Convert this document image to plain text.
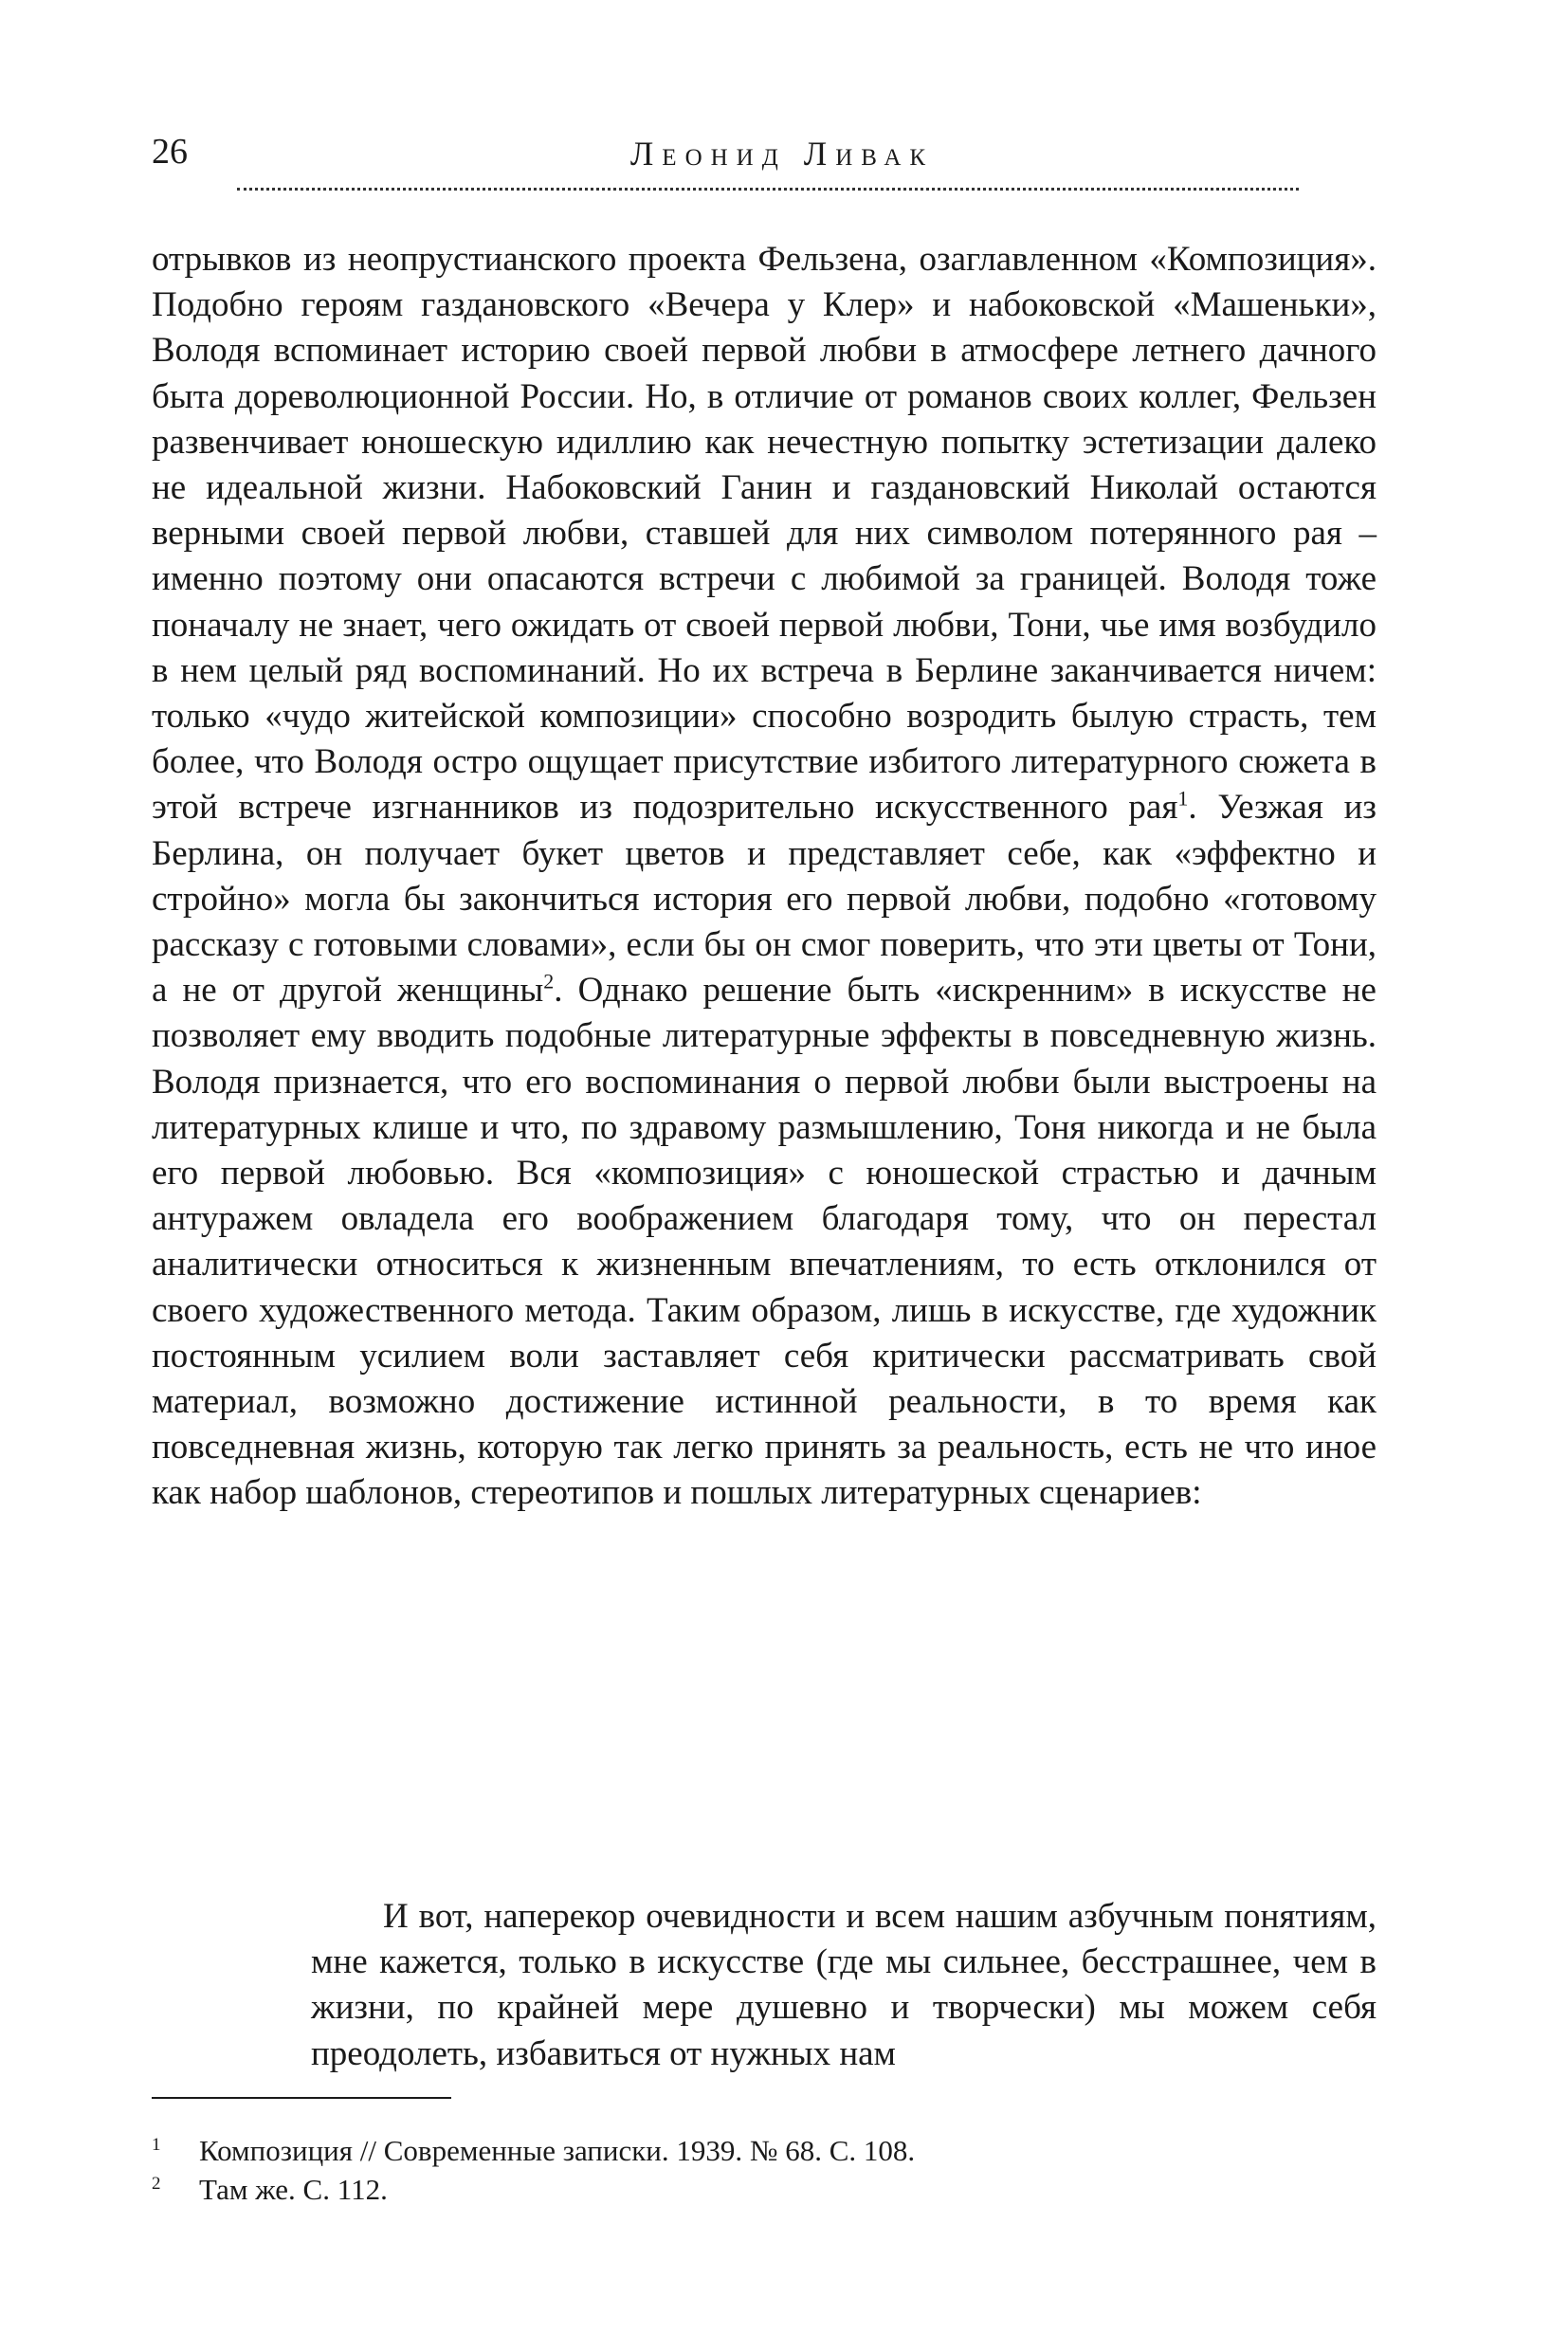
26	Леонид Ливак

отрывков из неопрустианского проекта Фельзена, озаглавленном «Композиция». Подобно героям газдановского «Вечера у Клер» и набоковской «Машеньки», Володя вспоминает историю своей первой любви в атмосфере летнего дачного быта дореволюционной России. Но, в отличие от романов своих коллег, Фельзен развенчивает юношескую идиллию как нечестную попытку эстетизации далеко не идеальной жизни. Набоковский Ганин и газдановский Николай остаются верными своей первой любви, ставшей для них символом потерянного рая – именно поэтому они опасаются встречи с любимой за границей. Володя тоже поначалу не знает, чего ожидать от своей первой любви, Тони, чье имя возбудило в нем целый ряд воспоминаний. Но их встреча в Берлине заканчивается ничем: только «чудо житейской композиции» способно возродить былую страсть, тем более, что Володя остро ощущает присутствие избитого литературного сюжета в этой встрече изгнанников из подозрительно искусственного рая$^1$. Уезжая из Берлина, он получает букет цветов и представляет себе, как «эффектно и стройно» могла бы закончиться история его первой любви, подобно «готовому рассказу с готовыми словами», если бы он смог поверить, что эти цветы от Тони, а не от другой женщины$^2$. Однако решение быть «искренним» в искусстве не позволяет ему вводить подобные литературные эффекты в повседневную жизнь. Володя признается, что его воспоминания о первой любви были выстроены на литературных клише и что, по здравому размышлению, Тоня никогда и не была его первой любовью. Вся «композиция» с юношеской страстью и дачным антуражем овладела его воображением благодаря тому, что он перестал аналитически относиться к жизненным впечатлениям, то есть отклонился от своего художественного метода. Таким образом, лишь в искусстве, где художник постоянным усилием воли заставляет себя критически рассматривать свой материал, возможно достижение истинной реальности, в то время как повседневная жизнь, которую так легко принять за реальность, есть не что иное как набор шаблонов, стереотипов и пошлых литературных сценариев:

И вот, наперекор очевидности и всем нашим азбучным понятиям, мне кажется, только в искусстве (где мы сильнее, бесстрашнее, чем в жизни, по крайней мере душевно и творчески) мы можем себя преодолеть, избавиться от нужных нам

1 Композиция // Современные записки. 1939. № 68. С. 108.
2 Там же. С. 112.
